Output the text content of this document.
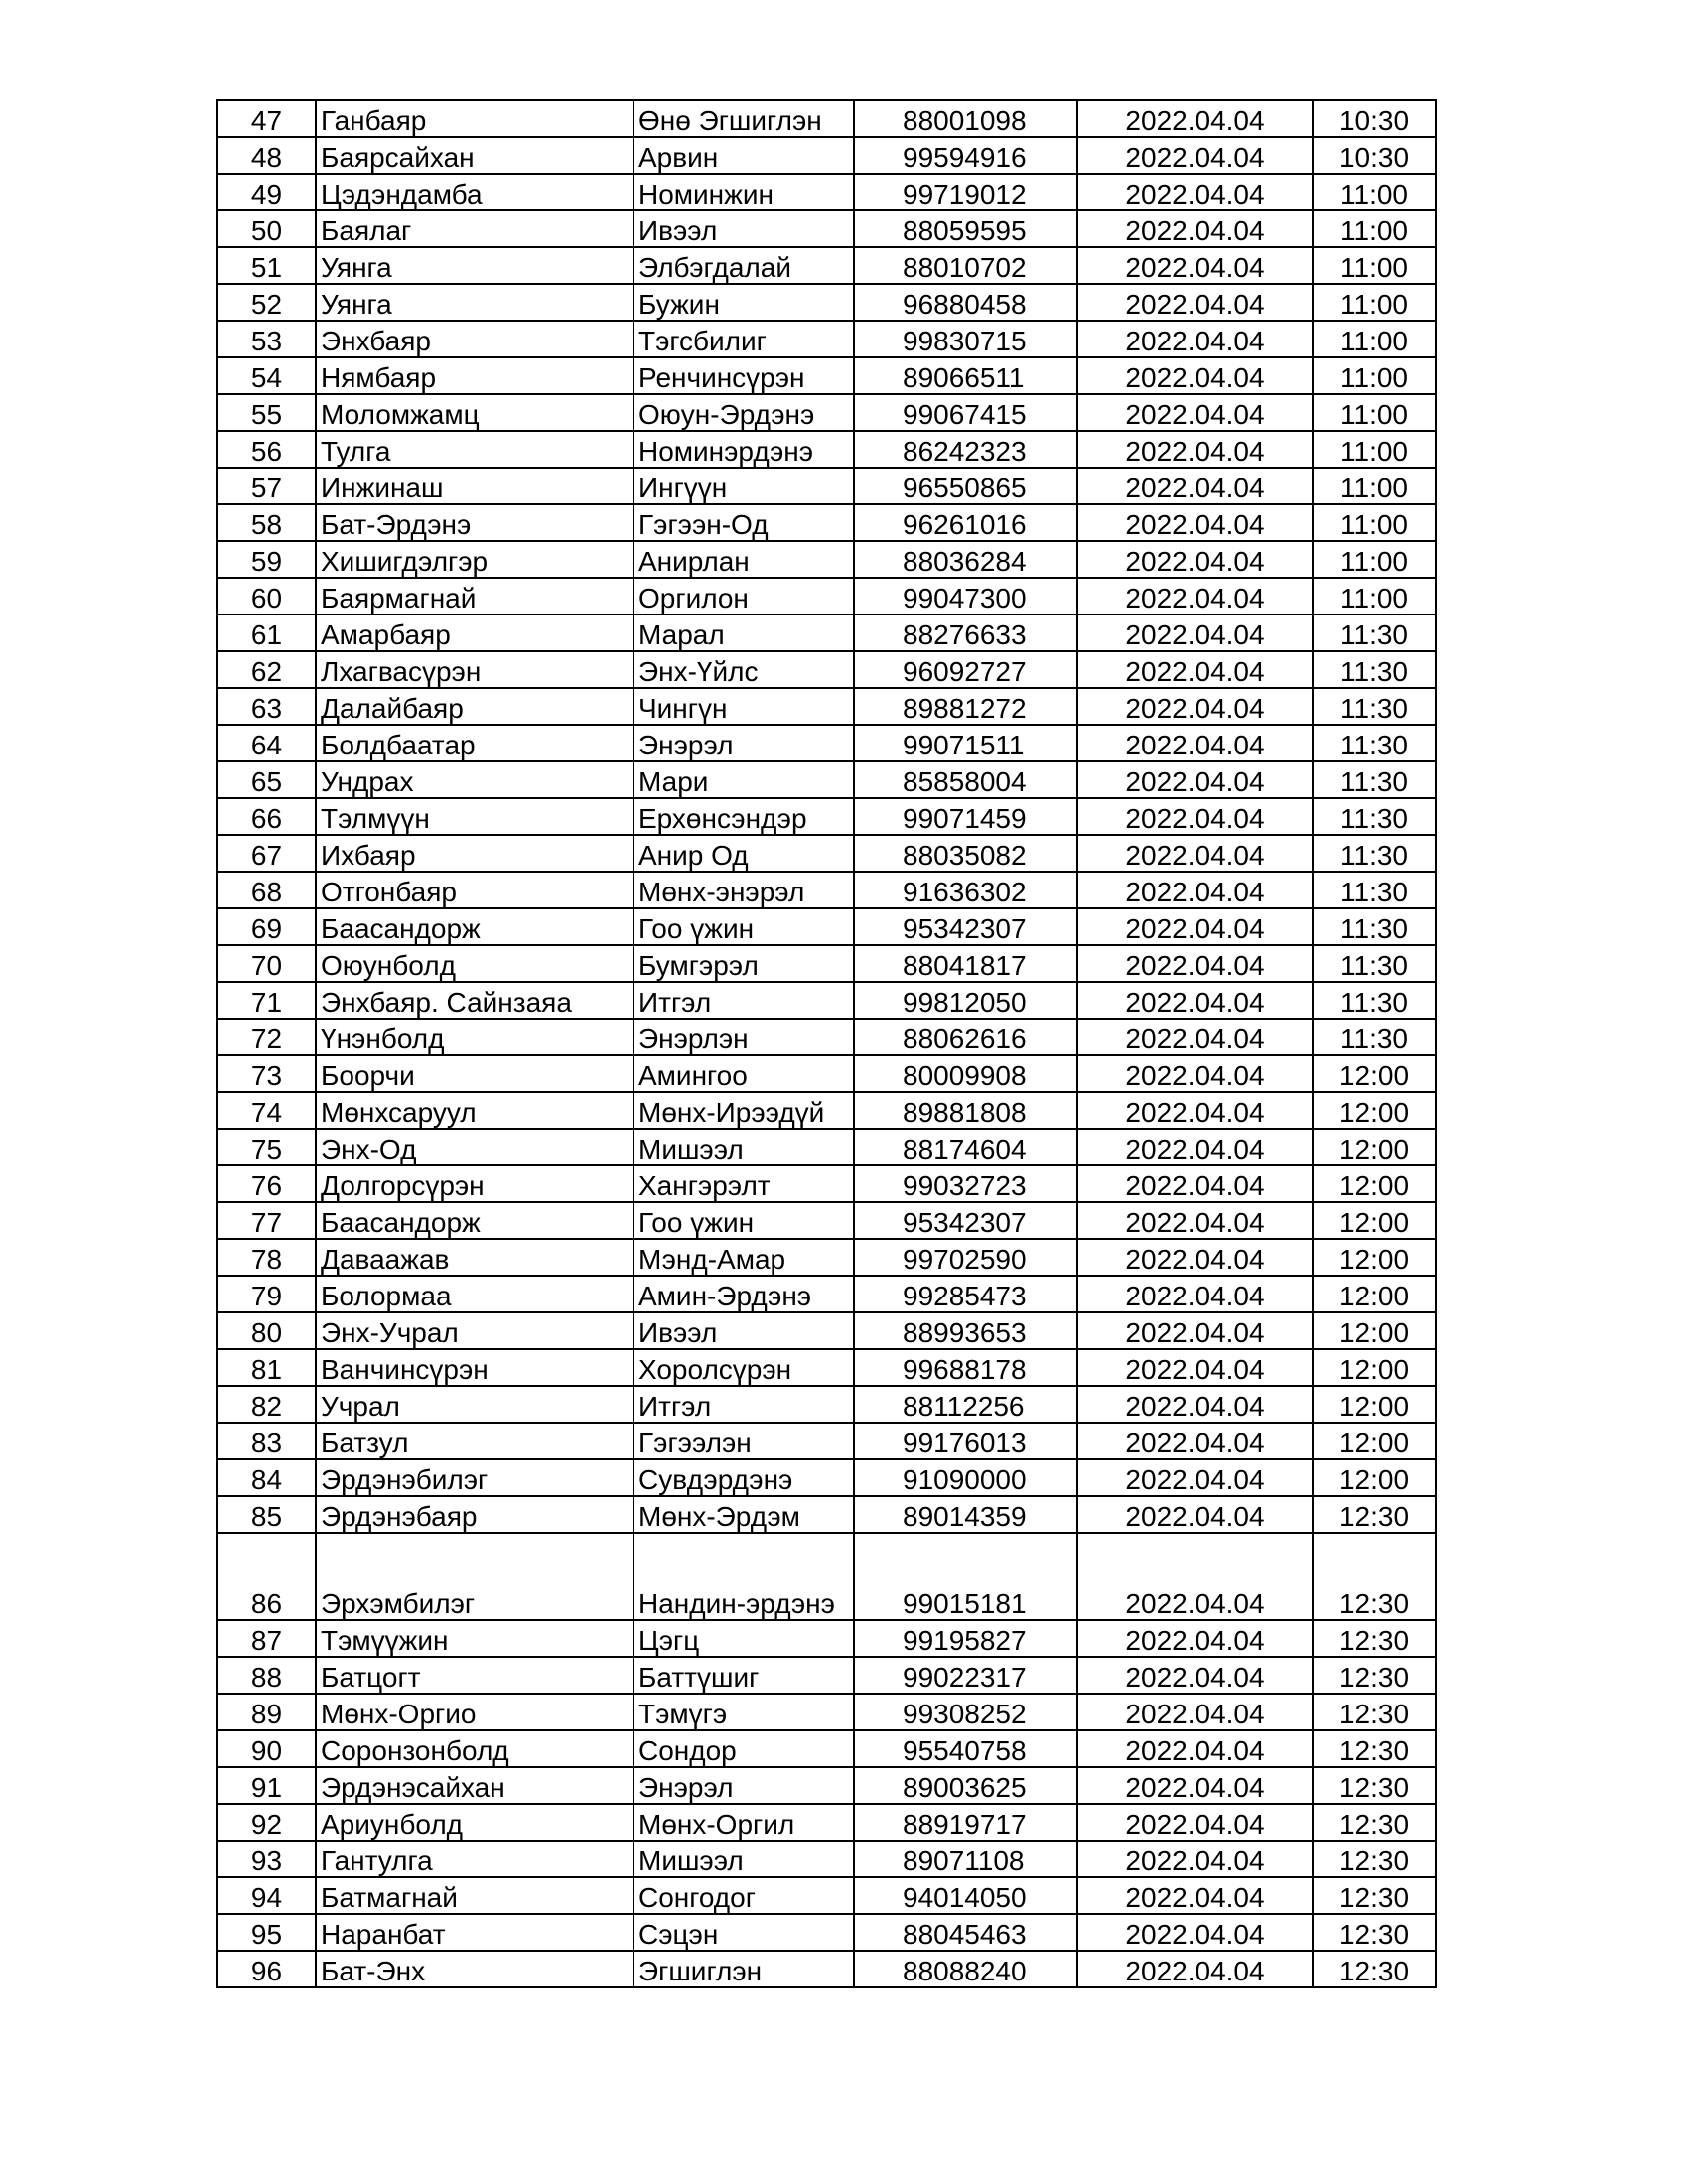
47	Ганбаяр	Өнө Эгшиглэн	88001098	2022.04.04	10:30
48	Баярсайхан	Арвин	99594916	2022.04.04	10:30
49	Цэдэндамба	Номинжин	99719012	2022.04.04	11:00
50	Баялаг	Ивээл	88059595	2022.04.04	11:00
51	Уянга	Элбэгдалай	88010702	2022.04.04	11:00
52	Уянга	Бужин	96880458	2022.04.04	11:00
53	Энхбаяр	Тэгсбилиг	99830715	2022.04.04	11:00
54	Нямбаяр	Ренчинсүрэн	89066511	2022.04.04	11:00
55	Моломжамц	Оюун-Эрдэнэ	99067415	2022.04.04	11:00
56	Тулга	Номинэрдэнэ	86242323	2022.04.04	11:00
57	Инжинаш	Ингүүн	96550865	2022.04.04	11:00
58	Бат-Эрдэнэ	Гэгээн-Од	96261016	2022.04.04	11:00
59	Хишигдэлгэр	Анирлан	88036284	2022.04.04	11:00
60	Баярмагнай	Оргилон	99047300	2022.04.04	11:00
61	Амарбаяр	Марал	88276633	2022.04.04	11:30
62	Лхагвасүрэн	Энх-Үйлс	96092727	2022.04.04	11:30
63	Далайбаяр	Чингүн	89881272	2022.04.04	11:30
64	Болдбаатар	Энэрэл	99071511	2022.04.04	11:30
65	Ундрах	Мари	85858004	2022.04.04	11:30
66	Тэлмүүн	Ерхөнсэндэр	99071459	2022.04.04	11:30
67	Ихбаяр	Анир Од	88035082	2022.04.04	11:30
68	Отгонбаяр	Мөнх-энэрэл	91636302	2022.04.04	11:30
69	Баасандорж	Гоо үжин	95342307	2022.04.04	11:30
70	Оюунболд	Бумгэрэл	88041817	2022.04.04	11:30
71	Энхбаяр. Сайнзаяа	Итгэл	99812050	2022.04.04	11:30
72	Үнэнболд	Энэрлэн	88062616	2022.04.04	11:30
73	Боорчи	Амингоо	80009908	2022.04.04	12:00
74	Мөнхсаруул	Мөнх-Ирээдүй	89881808	2022.04.04	12:00
75	Энх-Од	Мишээл	88174604	2022.04.04	12:00
76	Долгорсүрэн	Хангэрэлт	99032723	2022.04.04	12:00
77	Баасандорж	Гоо үжин	95342307	2022.04.04	12:00
78	Даваажав	Мэнд-Амар	99702590	2022.04.04	12:00
79	Болормаа	Амин-Эрдэнэ	99285473	2022.04.04	12:00
80	Энх-Учрал	Ивээл	88993653	2022.04.04	12:00
81	Ванчинсүрэн	Хоролсүрэн	99688178	2022.04.04	12:00
82	Учрал	Итгэл	88112256	2022.04.04	12:00
83	Батзул	Гэгээлэн	99176013	2022.04.04	12:00
84	Эрдэнэбилэг	Сувдэрдэнэ	91090000	2022.04.04	12:00
85	Эрдэнэбаяр	Мөнх-Эрдэм	89014359	2022.04.04	12:30
86	Эрхэмбилэг	Нандин-эрдэнэ	99015181	2022.04.04	12:30
87	Тэмүүжин	Цэгц	99195827	2022.04.04	12:30
88	Батцогт	Баттүшиг	99022317	2022.04.04	12:30
89	Мөнх-Оргио	Тэмүгэ	99308252	2022.04.04	12:30
90	Соронзонболд	Сондор	95540758	2022.04.04	12:30
91	Эрдэнэсайхан	Энэрэл	89003625	2022.04.04	12:30
92	Ариунболд	Мөнх-Оргил	88919717	2022.04.04	12:30
93	Гантулга	Мишээл	89071108	2022.04.04	12:30
94	Батмагнай	Сонгодог	94014050	2022.04.04	12:30
95	Наранбат	Сэцэн	88045463	2022.04.04	12:30
96	Бат-Энх	Эгшиглэн	88088240	2022.04.04	12:30
